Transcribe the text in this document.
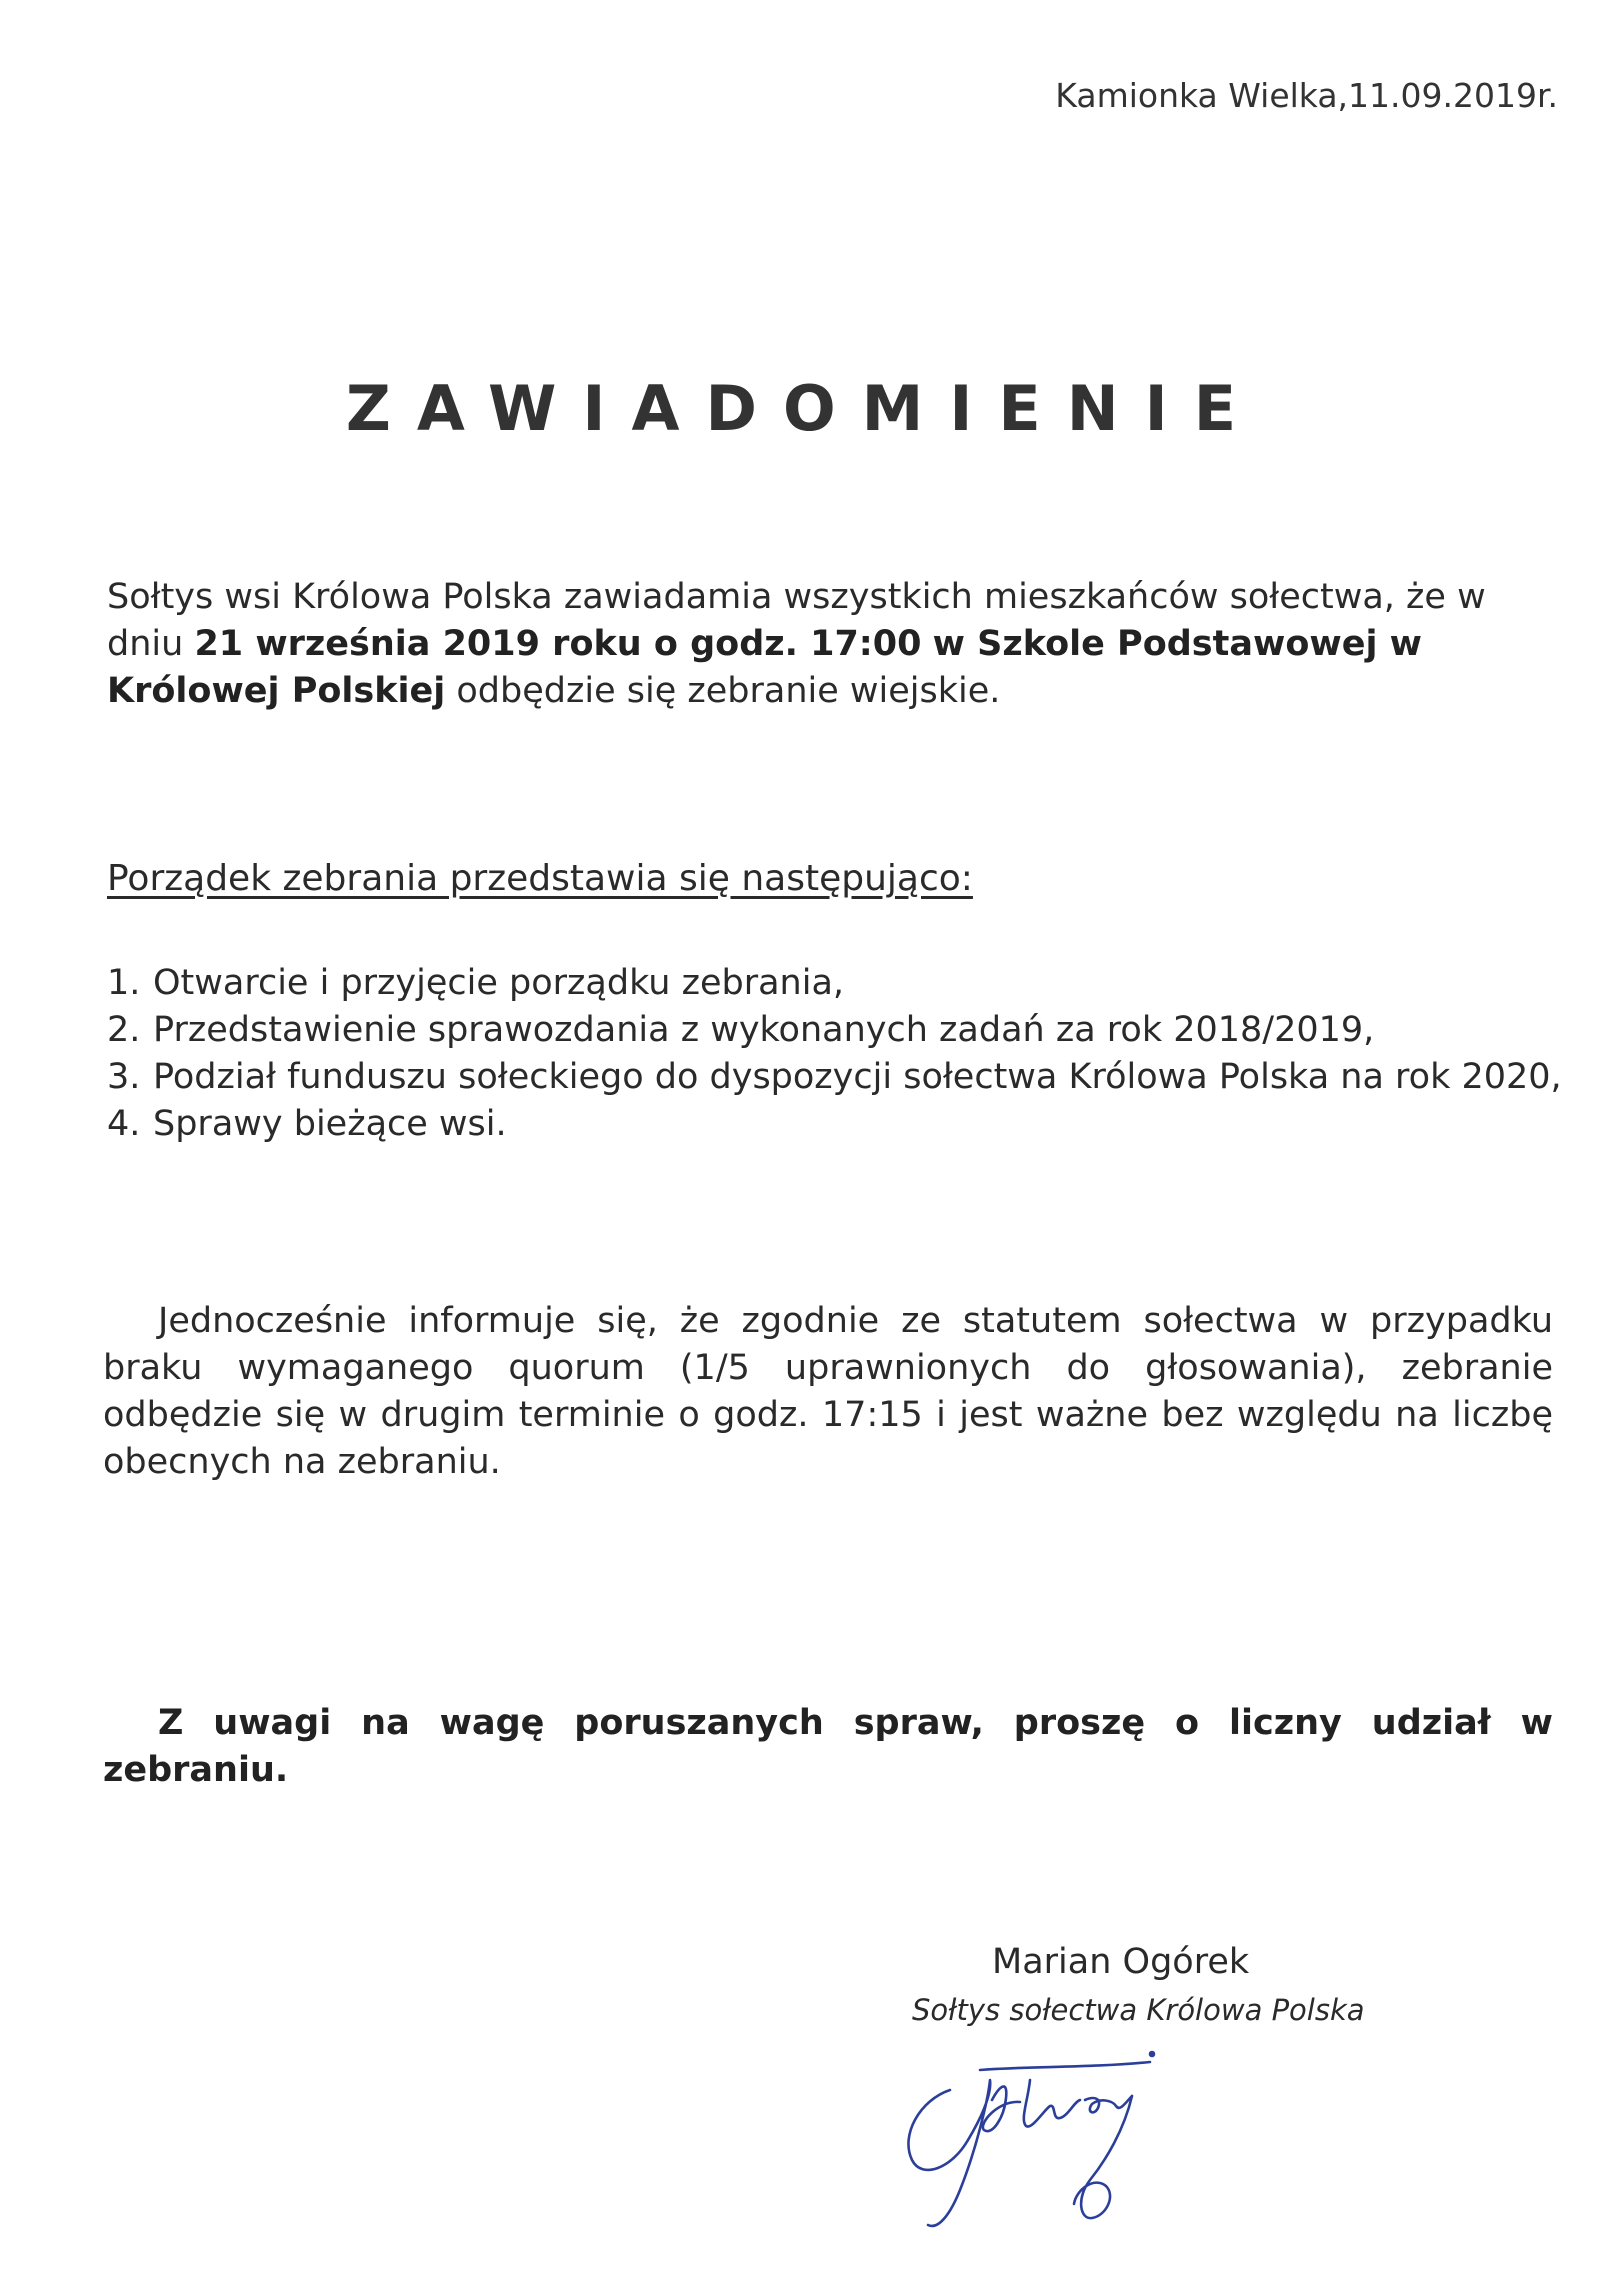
Kamionka Wielka,11.09.2019r.
ZAWIADOMIENIE
Sołtys wsi Królowa Polska zawiadamia wszystkich mieszkańców sołectwa, że w dniu 21 września 2019 roku o godz. 17:00 w Szkole Podstawowej w Królowej Polskiej odbędzie się zebranie wiejskie.
Porządek zebrania przedstawia się następująco:
1. Otwarcie i przyjęcie porządku zebrania,
2. Przedstawienie sprawozdania z wykonanych zadań za rok 2018/2019,
3. Podział funduszu sołeckiego do dyspozycji sołectwa Królowa Polska na rok 2020,
4. Sprawy bieżące wsi.
Jednocześnie informuje się, że zgodnie ze statutem sołectwa w przypadku braku wymaganego quorum (1/5 uprawnionych do głosowania), zebranie odbędzie się w drugim terminie o godz. 17:15 i jest ważne bez względu na liczbę obecnych na zebraniu.
Z uwagi na wagę poruszanych spraw, proszę o liczny udział w zebraniu.
Marian Ogórek
Sołtys sołectwa Królowa Polska
